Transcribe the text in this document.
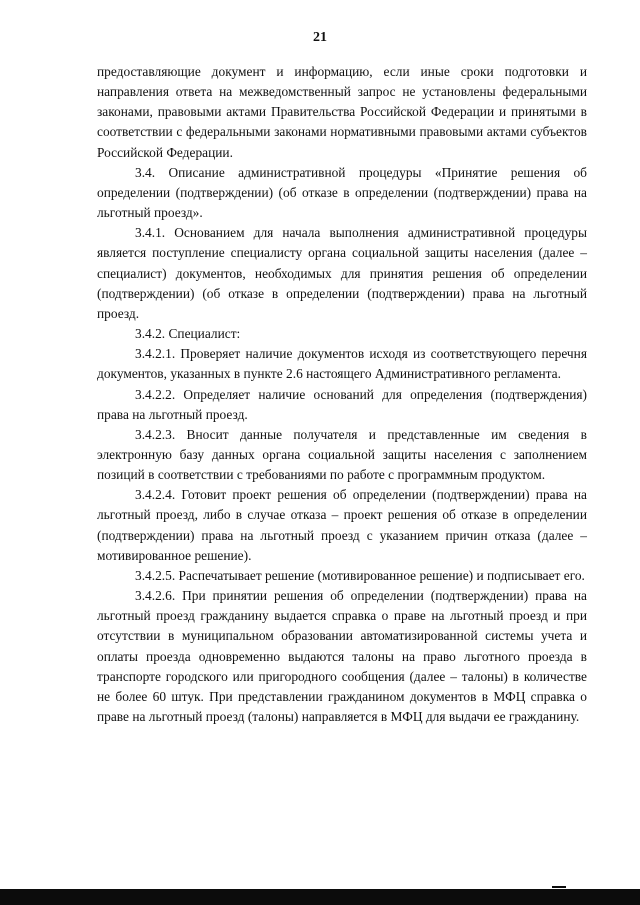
21

предоставляющие документ и информацию, если иные сроки подготовки и направления ответа на межведомственный запрос не установлены федеральными законами, правовыми актами Правительства Российской Федерации и принятыми в соответствии с федеральными законами нормативными правовыми актами субъектов Российской Федерации.

3.4. Описание административной процедуры «Принятие решения об определении (подтверждении) (об отказе в определении (подтверждении) права на льготный проезд».

3.4.1. Основанием для начала выполнения административной процедуры является поступление специалисту органа социальной защиты населения (далее – специалист) документов, необходимых для принятия решения об определении (подтверждении) (об отказе в определении (подтверждении) права на льготный проезд.

3.4.2. Специалист:

3.4.2.1. Проверяет наличие документов исходя из соответствующего перечня документов, указанных в пункте 2.6 настоящего Административного регламента.

3.4.2.2. Определяет наличие оснований для определения (подтверждения) права на льготный проезд.

3.4.2.3. Вносит данные получателя и представленные им сведения в электронную базу данных органа социальной защиты населения с заполнением позиций в соответствии с требованиями по работе с программным продуктом.

3.4.2.4. Готовит проект решения об определении (подтверждении) права на льготный проезд, либо в случае отказа – проект решения об отказе в определении (подтверждении) права на льготный проезд с указанием причин отказа (далее – мотивированное решение).

3.4.2.5. Распечатывает решение (мотивированное решение) и подписывает его.

3.4.2.6. При принятии решения об определении (подтверждении) права на льготный проезд гражданину выдается справка о праве на льготный проезд и при отсутствии в муниципальном образовании автоматизированной системы учета и оплаты проезда одновременно выдаются талоны на право льготного проезда в транспорте городского или пригородного сообщения (далее – талоны) в количестве не более 60 штук. При представлении гражданином документов в МФЦ справка о праве на льготный проезд (талоны) направляется в МФЦ для выдачи ее гражданину.
